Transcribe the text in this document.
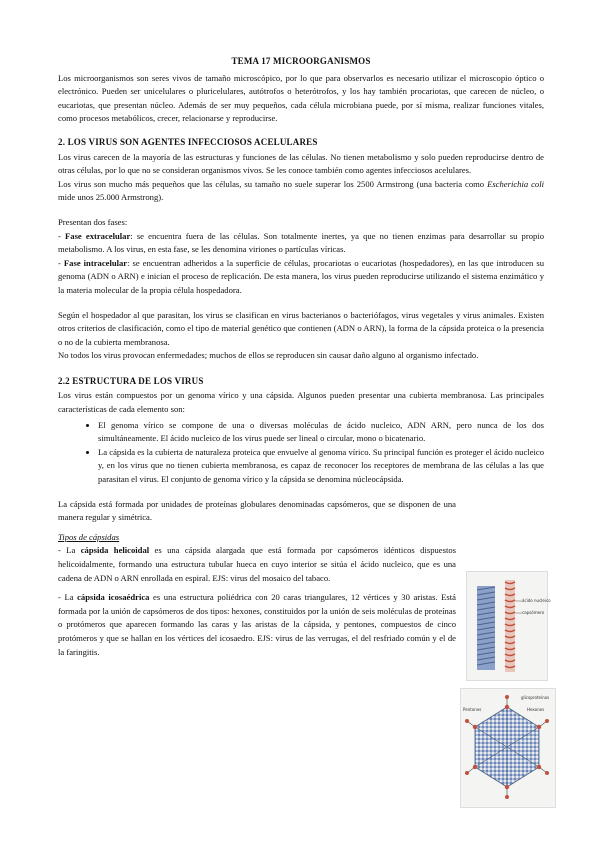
TEMA 17 MICROORGANISMOS

Los microorganismos son seres vivos de tamaño microscópico, por lo que para observarlos es necesario utilizar el microscopio óptico o electrónico. Pueden ser unicelulares o pluricelulares, autótrofos o heterótrofos, y los hay también procariotas, que carecen de núcleo, o eucariotas, que presentan núcleo. Además de ser muy pequeños, cada célula microbiana puede, por sí misma, realizar funciones vitales, como procesos metabólicos, crecer, relacionarse y reproducirse.

2. LOS VIRUS SON AGENTES INFECCIOSOS ACELULARES

Los virus carecen de la mayoría de las estructuras y funciones de las células. No tienen metabolismo y solo pueden reproducirse dentro de otras células, por lo que no se consideran organismos vivos. Se les conoce también como agentes infecciosos acelulares.

Los virus son mucho más pequeños que las células, su tamaño no suele superar los 2500 Armstrong (una bacteria como Escherichia coli mide unos 25.000 Armstrong).

Presentan dos fases:

- Fase extracelular: se encuentra fuera de las células. Son totalmente inertes, ya que no tienen enzimas para desarrollar su propio metabolismo. A los virus, en esta fase, se les denomina viriones o partículas víricas.

- Fase intracelular: se encuentran adheridos a la superficie de células, procariotas o eucariotas (hospedadores), en las que introducen su genoma (ADN o ARN) e inician el proceso de replicación. De esta manera, los virus pueden reproducirse utilizando el sistema enzimático y la materia molecular de la propia célula hospedadora.

Según el hospedador al que parasitan, los virus se clasifican en virus bacterianos o bacteriófagos, virus vegetales y virus animales. Existen otros criterios de clasificación, como el tipo de material genético que contienen (ADN o ARN), la forma de la cápsida proteica o la presencia o no de la cubierta membranosa.

No todos los virus provocan enfermedades; muchos de ellos se reproducen sin causar daño alguno al organismo infectado.

2.2 ESTRUCTURA DE LOS VIRUS

Los virus están compuestos por un genoma vírico y una cápsida. Algunos pueden presentar una cubierta membranosa. Las principales características de cada elemento son:

• El genoma vírico se compone de una o diversas moléculas de ácido nucleico, ADN ARN, pero nunca de los dos simultáneamente. El ácido nucleico de los virus puede ser lineal o circular, mono o bicatenario.
• La cápsida es la cubierta de naturaleza proteica que envuelve al genoma vírico. Su principal función es proteger el ácido nucleico y, en los virus que no tienen cubierta membranosa, es capaz de reconocer los receptores de membrana de las células a las que parasitan el virus. El conjunto de genoma vírico y la cápsida se denomina núcleocápsida.

La cápsida está formada por unidades de proteínas globulares denominadas capsómeros, que se disponen de una manera regular y simétrica.

Tipos de cápsidas

- La cápsida helicoidal es una cápsida alargada que está formada por capsómeros idénticos dispuestos helicoidalmente, formando una estructura tubular hueca en cuyo interior se sitúa el ácido nucleico, que es una cadena de ADN o ARN enrollada en espiral. EJS: virus del mosaico del tabaco.

- La cápsida icosaédrica es una estructura poliédrica con 20 caras triangulares, 12 vértices y 30 aristas. Está formada por la unión de capsómeros de dos tipos: hexones, constituidos por la unión de seis moléculas de proteínas o protómeros que aparecen formando las caras y las aristas de la cápsida, y pentones, compuestos de cinco protómeros y que se hallan en los vértices del icosaedro. EJS: virus de las verrugas, el del resfriado común y el de la faringitis.

ácido nucleico
capsómero
glicoproteínas
Pentones	Hexones
